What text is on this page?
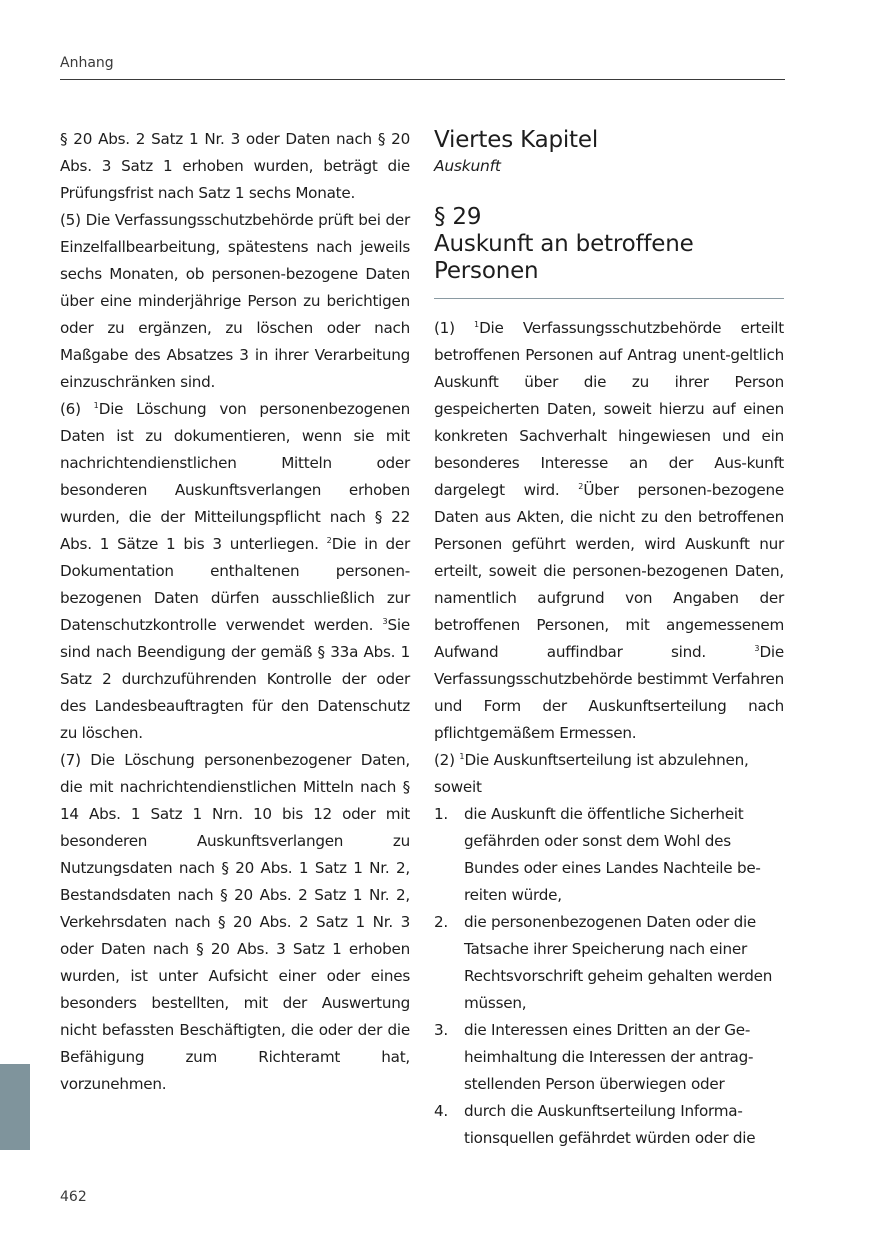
Anhang

§ 20 Abs. 2 Satz 1 Nr. 3 oder Daten nach § 20 Abs. 3 Satz 1 erhoben wurden, beträgt die Prüfungsfrist nach Satz 1 sechs Monate.

(5) Die Verfassungsschutzbehörde prüft bei der Einzelfallbearbeitung, spätestens nach jeweils sechs Monaten, ob personen-bezogene Daten über eine minderjährige Person zu berichtigen oder zu ergänzen, zu löschen oder nach Maßgabe des Absatzes 3 in ihrer Verarbeitung einzuschränken sind.

(6) $^1$Die Löschung von personenbezogenen Daten ist zu dokumentieren, wenn sie mit nachrichtendienstlichen Mitteln oder besonderen Auskunftsverlangen erhoben wurden, die der Mitteilungspflicht nach § 22 Abs. 1 Sätze 1 bis 3 unterliegen. $^2$Die in der Dokumentation enthaltenen personen-bezogenen Daten dürfen ausschließlich zur Datenschutzkontrolle verwendet werden. $^3$Sie sind nach Beendigung der gemäß § 33a Abs. 1 Satz 2 durchzuführenden Kontrolle der oder des Landesbeauftragten für den Datenschutz zu löschen.

(7) Die Löschung personenbezogener Daten, die mit nachrichtendienstlichen Mitteln nach § 14 Abs. 1 Satz 1 Nrn. 10 bis 12 oder mit besonderen Auskunftsverlangen zu Nutzungsdaten nach § 20 Abs. 1 Satz 1 Nr. 2, Bestandsdaten nach § 20 Abs. 2 Satz 1 Nr. 2, Verkehrsdaten nach § 20 Abs. 2 Satz 1 Nr. 3 oder Daten nach § 20 Abs. 3 Satz 1 erhoben wurden, ist unter Aufsicht einer oder eines besonders bestellten, mit der Auswertung nicht befassten Beschäftigten, die oder der die Befähigung zum Richteramt hat, vorzunehmen.

Viertes Kapitel
Auskunft
§ 29
Auskunft an betroffene Personen

(1) $^1$Die Verfassungsschutzbehörde erteilt betroffenen Personen auf Antrag unent-geltlich Auskunft über die zu ihrer Person gespeicherten Daten, soweit hierzu auf einen konkreten Sachverhalt hingewiesen und ein besonderes Interesse an der Aus-kunft dargelegt wird. $^2$Über personen-bezogene Daten aus Akten, die nicht zu den betroffenen Personen geführt werden, wird Auskunft nur erteilt, soweit die personen-bezogenen Daten, namentlich aufgrund von Angaben der betroffenen Personen, mit angemessenem Aufwand auffindbar sind. $^3$Die Verfassungsschutzbehörde bestimmt Verfahren und Form der Auskunftserteilung nach pflichtgemäßem Ermessen.

(2) $^1$Die Auskunftserteilung ist abzulehnen, soweit

1.	die Auskunft die öffentliche Sicherheit gefährden oder sonst dem Wohl des Bundes oder eines Landes Nachteile be-reiten würde,
2.	die personenbezogenen Daten oder die Tatsache ihrer Speicherung nach einer Rechtsvorschrift geheim gehalten werden müssen,
3.	die Interessen eines Dritten an der Ge-heimhaltung die Interessen der antrag-stellenden Person überwiegen oder
4.	durch die Auskunftserteilung Informa-tionsquellen gefährdet würden oder die
462
